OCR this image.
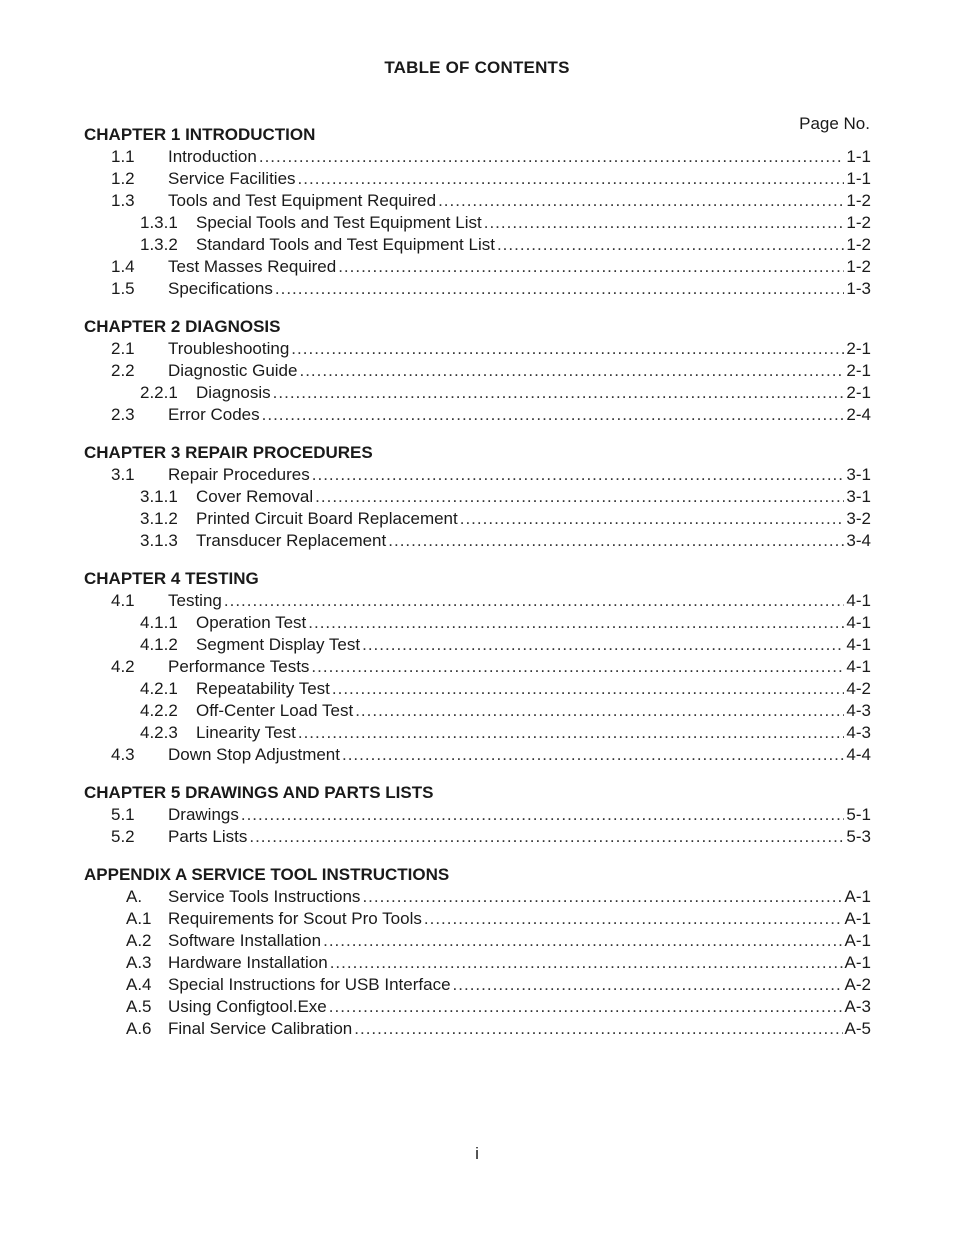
TABLE OF CONTENTS
Page No.
CHAPTER 1 INTRODUCTION
1.1	Introduction .....	1-1
1.2	Service Facilities .....	1-1
1.3	Tools and Test Equipment Required .....	1-2
1.3.1	Special Tools and Test Equipment List .....	1-2
1.3.2	Standard Tools and Test Equipment List .....	1-2
1.4	Test Masses Required .....	1-2
1.5	Specifications .....	1-3
CHAPTER 2 DIAGNOSIS
2.1	Troubleshooting .....	2-1
2.2	Diagnostic Guide .....	2-1
2.2.1	Diagnosis .....	2-1
2.3	Error Codes .....	2-4
CHAPTER 3 REPAIR PROCEDURES
3.1	Repair Procedures .....	3-1
3.1.1	Cover Removal .....	3-1
3.1.2	Printed Circuit Board Replacement .....	3-2
3.1.3	Transducer Replacement .....	3-4
CHAPTER 4 TESTING
4.1	Testing .....	4-1
4.1.1	Operation Test .....	4-1
4.1.2	Segment Display Test .....	4-1
4.2	Performance Tests .....	4-1
4.2.1	Repeatability Test .....	4-2
4.2.2	Off-Center Load Test .....	4-3
4.2.3	Linearity Test .....	4-3
4.3	Down Stop Adjustment .....	4-4
CHAPTER 5 DRAWINGS AND PARTS LISTS
5.1	Drawings .....	5-1
5.2	Parts Lists .....	5-3
APPENDIX A SERVICE TOOL INSTRUCTIONS
A.	Service Tools Instructions .....	A-1
A.1 Requirements for Scout Pro Tools .....	A-1
A.2 Software Installation .....	A-1
A.3 Hardware Installation .....	A-1
A.4 Special Instructions for USB Interface .....	A-2
A.5 Using Configtool.Exe .....	A-3
A.6 Final Service Calibration .....	A-5
i
